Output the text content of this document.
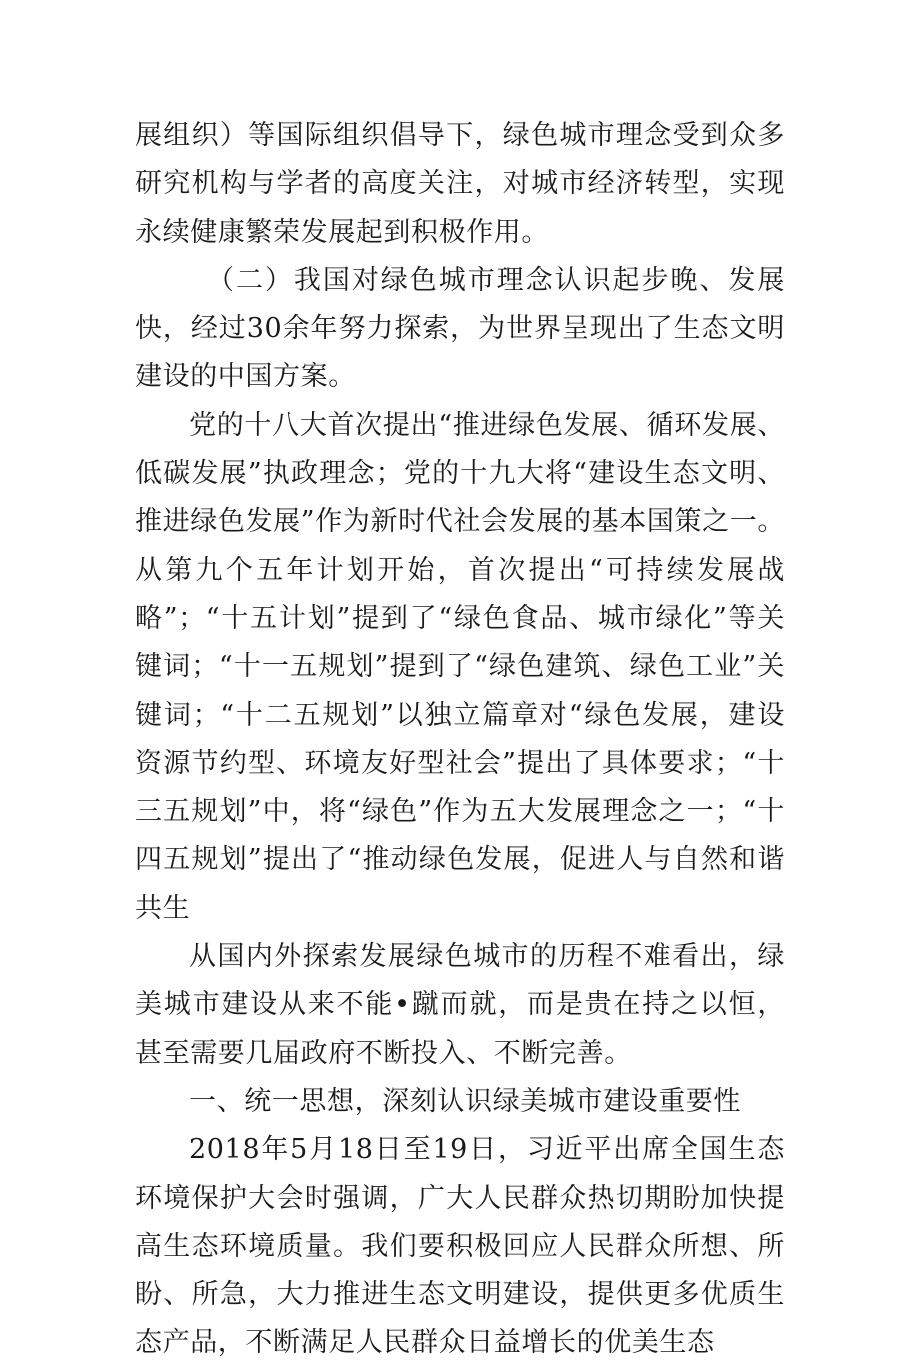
展组织）等国际组织倡导下，绿色城市理念受到众多研究机构与学者的高度关注，对城市经济转型，实现永续健康繁荣发展起到积极作用。

（二）我国对绿色城市理念认识起步晚、发展快，经过30余年努力探索，为世界呈现出了生态文明建设的中国方案。

党的十八大首次提出“推进绿色发展、循环发展、低碳发展”执政理念；党的十九大将“建设生态文明、推进绿色发展”作为新时代社会发展的基本国策之一。从第九个五年计划开始，首次提出“可持续发展战略”；“十五计划”提到了“绿色食品、城市绿化”等关键词；“十一五规划”提到了“绿色建筑、绿色工业”关键词；“十二五规划”以独立篇章对“绿色发展，建设资源节约型、环境友好型社会”提出了具体要求；“十三五规划”中，将“绿色”作为五大发展理念之一；“十四五规划”提出了“推动绿色发展，促进人与自然和谐共生

从国内外探索发展绿色城市的历程不难看出，绿美城市建设从来不能•蹴而就，而是贵在持之以恒，甚至需要几届政府不断投入、不断完善。

一、统一思想，深刻认识绿美城市建设重要性

2018年5月18日至19日，习近平出席全国生态环境保护大会时强调，广大人民群众热切期盼加快提高生态环境质量。我们要积极回应人民群众所想、所盼、所急，大力推进生态文明建设，提供更多优质生态产品，不断满足人民群众日益增长的优美生态
